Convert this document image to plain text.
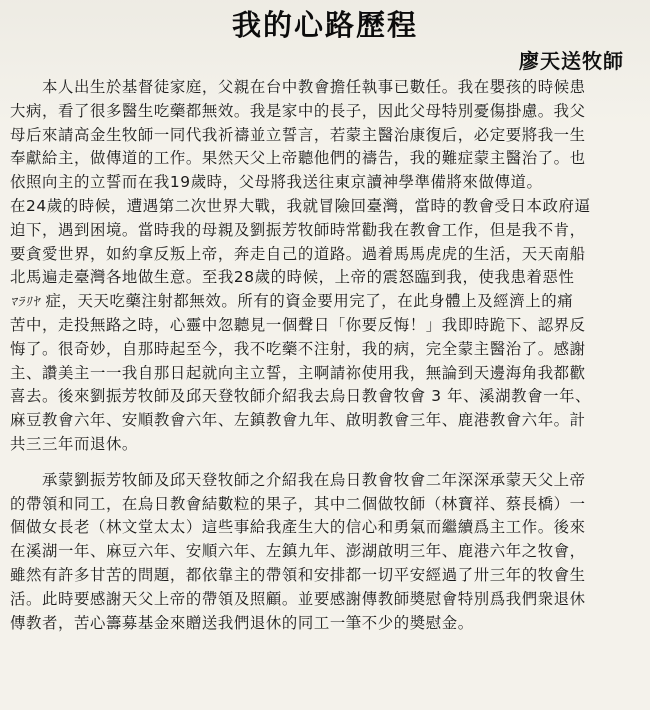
我的心路歷程
廖天送牧師
　　本人出生於基督徒家庭，父親在台中教會擔任執事已數任。我在嬰孩的時候患
大病，看了很多醫生吃藥都無效。我是家中的長子，因此父母特別憂傷掛慮。我父
母后來請高金生牧師一同代我祈禱並立誓言，若蒙主醫治康復后，必定要將我一生
奉獻給主，做傳道的工作。果然天父上帝聽他們的禱告，我的難症蒙主醫治了。也
依照向主的立誓而在我19歲時，父母將我送往東京讀神學準備將來做傳道。
在24歲的時候，遭遇第二次世界大戰，我就冒險回臺灣，當時的教會受日本政府逼
迫下，遇到困境。當時我的母親及劉振芳牧師時常勸我在教會工作，但是我不肯，
要貪愛世界，如約拿反叛上帝，奔走自己的道路。過着馬馬虎虎的生活，天天南船
北馬遍走臺灣各地做生意。至我28歲的時候，上帝的震怒臨到我，使我患着惡性
ﾏﾗﾘﾔ 症，天天吃藥注射都無效。所有的資金要用完了，在此身體上及經濟上的痛
苦中，走投無路之時，心靈中忽聽見一個聲日「你要反悔！」我即時跪下、認界反
悔了。很奇妙，自那時起至今，我不吃藥不注射，我的病，完全蒙主醫治了。感謝
主、讚美主一一我自那日起就向主立誓，主啊請祢使用我，無論到天邊海角我都歡
喜去。後來劉振芳牧師及邱天登牧師介紹我去烏日教會牧會 3 年、溪湖教會一年、
麻豆教會六年、安順教會六年、左鎮教會九年、啟明教會三年、鹿港教會六年。計
共三三年而退休。
　　承蒙劉振芳牧師及邱天登牧師之介紹我在烏日教會牧會二年深深承蒙天父上帝
的帶領和同工，在烏日教會結數粒的果子，其中二個做牧師（林寶祥、蔡長橋）一
個做女長老（林文堂太太）這些事給我產生大的信心和勇氣而繼續爲主工作。後來
在溪湖一年、麻豆六年、安順六年、左鎮九年、澎湖啟明三年、鹿港六年之牧會，
雖然有許多甘苦的問題，都依靠主的帶領和安排都一切平安經過了卅三年的牧會生
活。此時要感謝天父上帝的帶領及照顧。並要感謝傳教師奬慰會特別爲我們衆退休
傳教者，苦心籌募基金來贈送我們退休的同工一筆不少的奬慰金。
